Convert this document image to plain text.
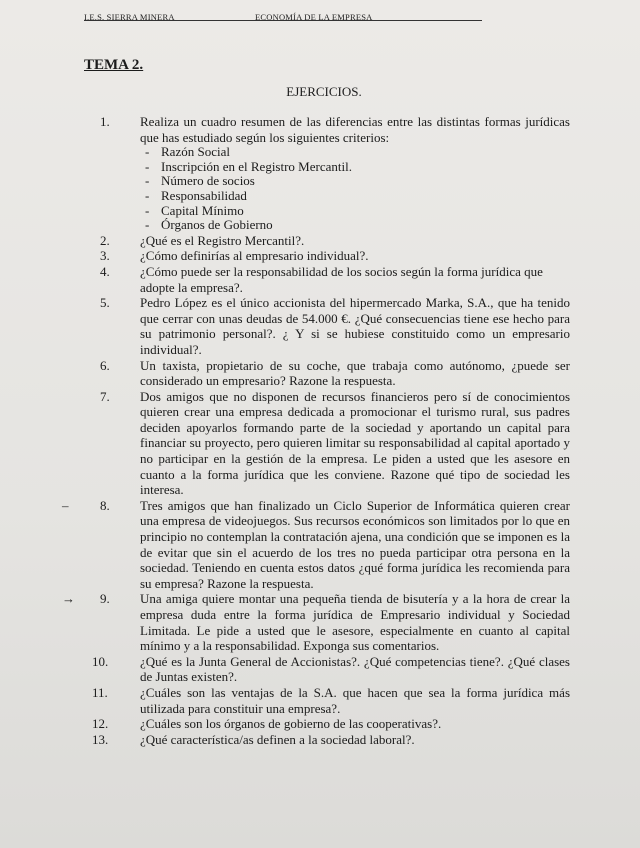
I.E.S. SIERRA MINERA	ECONOMÍA DE LA EMPRESA
TEMA 2.
EJERCICIOS.
1.	Realiza un cuadro resumen de las diferencias entre las distintas formas jurídicas que has estudiado según los siguientes criterios:
- Razón Social
- Inscripción en el Registro Mercantil.
- Número de socios
- Responsabilidad
- Capital Mínimo
- Órganos de Gobierno
2.	¿Qué es el Registro Mercantil?.
3.	¿Cómo definirías al empresario individual?.
4.	¿Cómo puede ser la responsabilidad de los socios según la forma jurídica que adopte la empresa?.
5.	Pedro López es el único accionista del hipermercado Marka, S.A., que ha tenido que cerrar con unas deudas de 54.000 €. ¿Qué consecuencias tiene ese hecho para su patrimonio personal?. ¿ Y si se hubiese constituido como un empresario individual?.
6.	Un taxista, propietario de su coche, que trabaja como autónomo, ¿puede ser considerado un empresario? Razone la respuesta.
7.	Dos amigos que no disponen de recursos financieros pero sí de conocimientos quieren crear una empresa dedicada a promocionar el turismo rural, sus padres deciden apoyarlos formando parte de la sociedad y aportando un capital para financiar su proyecto, pero quieren limitar su responsabilidad al capital aportado y no participar en la gestión de la empresa. Le piden a usted que les asesore en cuanto a la forma jurídica que les conviene. Razone qué tipo de sociedad les interesa.
– 8.	Tres amigos que han finalizado un Ciclo Superior de Informática quieren crear una empresa de videojuegos. Sus recursos económicos son limitados por lo que en principio no contemplan la contratación ajena, una condición que se imponen es la de evitar que sin el acuerdo de los tres no pueda participar otra persona en la sociedad. Teniendo en cuenta estos datos ¿qué forma jurídica les recomienda para su empresa? Razone la respuesta.
→ 9.	Una amiga quiere montar una pequeña tienda de bisutería y a la hora de crear la empresa duda entre la forma jurídica de Empresario individual y Sociedad Limitada. Le pide a usted que le asesore, especialmente en cuanto al capital mínimo y a la responsabilidad. Exponga sus comentarios.
10.	¿Qué es la Junta General de Accionistas?. ¿Qué competencias tiene?. ¿Qué clases de Juntas existen?.
11.	¿Cuáles son las ventajas de la S.A. que hacen que sea la forma jurídica más utilizada para constituir una empresa?.
12.	¿Cuáles son los órganos de gobierno de las cooperativas?.
13.	¿Qué característica/as definen a la sociedad laboral?.
